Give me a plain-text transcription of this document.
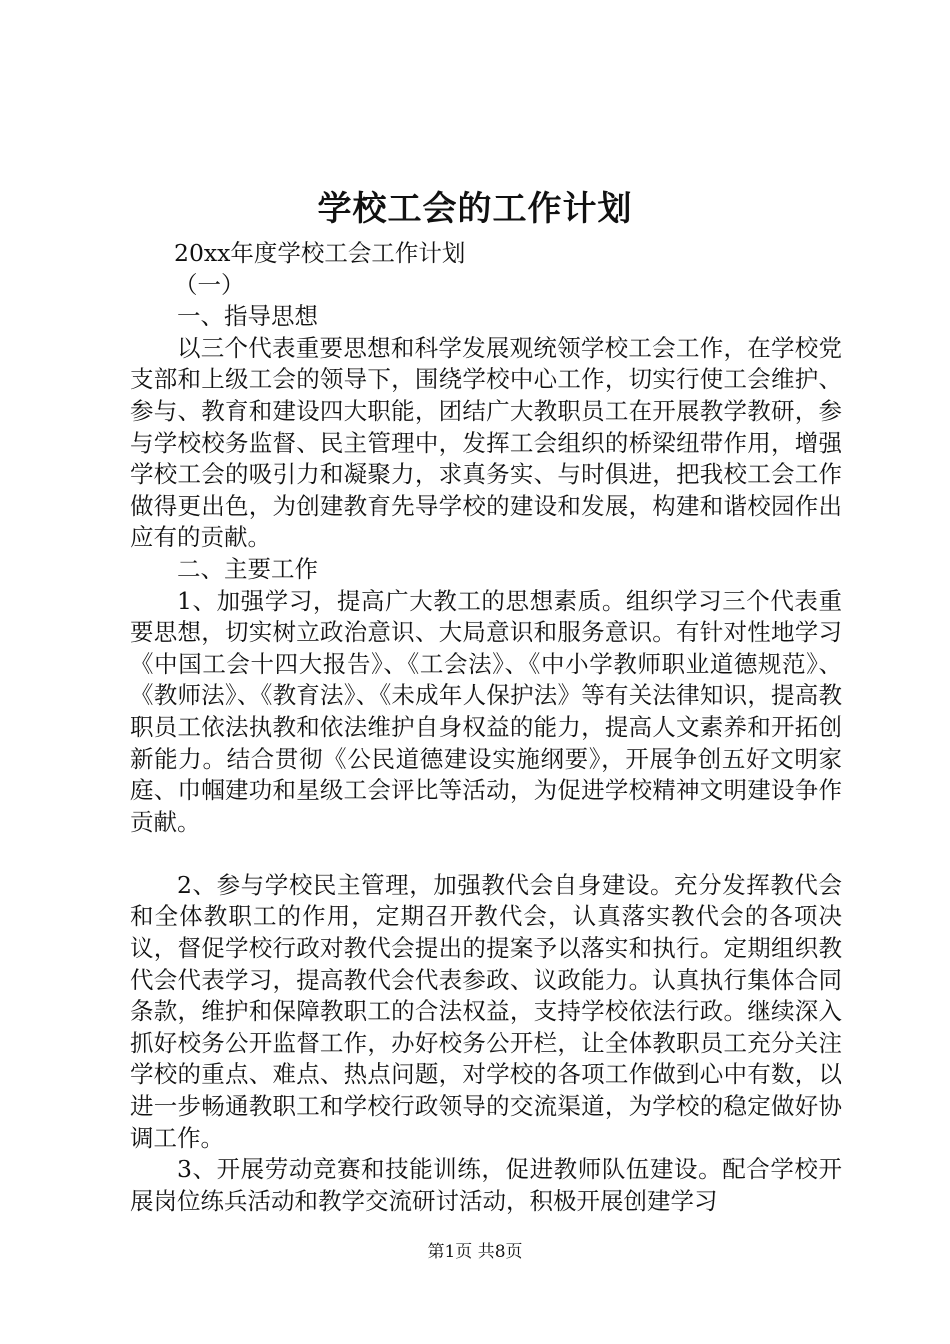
学校工会的工作计划

20xx年度学校工会工作计划

（一）

一、指导思想

以三个代表重要思想和科学发展观统领学校工会工作，在学校党支部和上级工会的领导下，围绕学校中心工作，切实行使工会维护、参与、教育和建设四大职能，团结广大教职员工在开展教学教研，参与学校校务监督、民主管理中，发挥工会组织的桥梁纽带作用，增强学校工会的吸引力和凝聚力，求真务实、与时俱进，把我校工会工作做得更出色，为创建教育先导学校的建设和发展，构建和谐校园作出应有的贡献。

二、主要工作

1、加强学习，提高广大教工的思想素质。组织学习三个代表重要思想，切实树立政治意识、大局意识和服务意识。有针对性地学习《中国工会十四大报告》、《工会法》、《中小学教师职业道德规范》、《教师法》、《教育法》、《未成年人保护法》等有关法律知识，提高教职员工依法执教和依法维护自身权益的能力，提高人文素养和开拓创新能力。结合贯彻《公民道德建设实施纲要》，开展争创五好文明家庭、巾帼建功和星级工会评比等活动，为促进学校精神文明建设争作贡献。

2、参与学校民主管理，加强教代会自身建设。充分发挥教代会和全体教职工的作用，定期召开教代会，认真落实教代会的各项决议，督促学校行政对教代会提出的提案予以落实和执行。定期组织教代会代表学习，提高教代会代表参政、议政能力。认真执行集体合同条款，维护和保障教职工的合法权益，支持学校依法行政。继续深入抓好校务公开监督工作，办好校务公开栏，让全体教职员工充分关注学校的重点、难点、热点问题，对学校的各项工作做到心中有数，以进一步畅通教职工和学校行政领导的交流渠道，为学校的稳定做好协调工作。

3、开展劳动竞赛和技能训练，促进教师队伍建设。配合学校开展岗位练兵活动和教学交流研讨活动，积极开展创建学习

第1页 共8页
